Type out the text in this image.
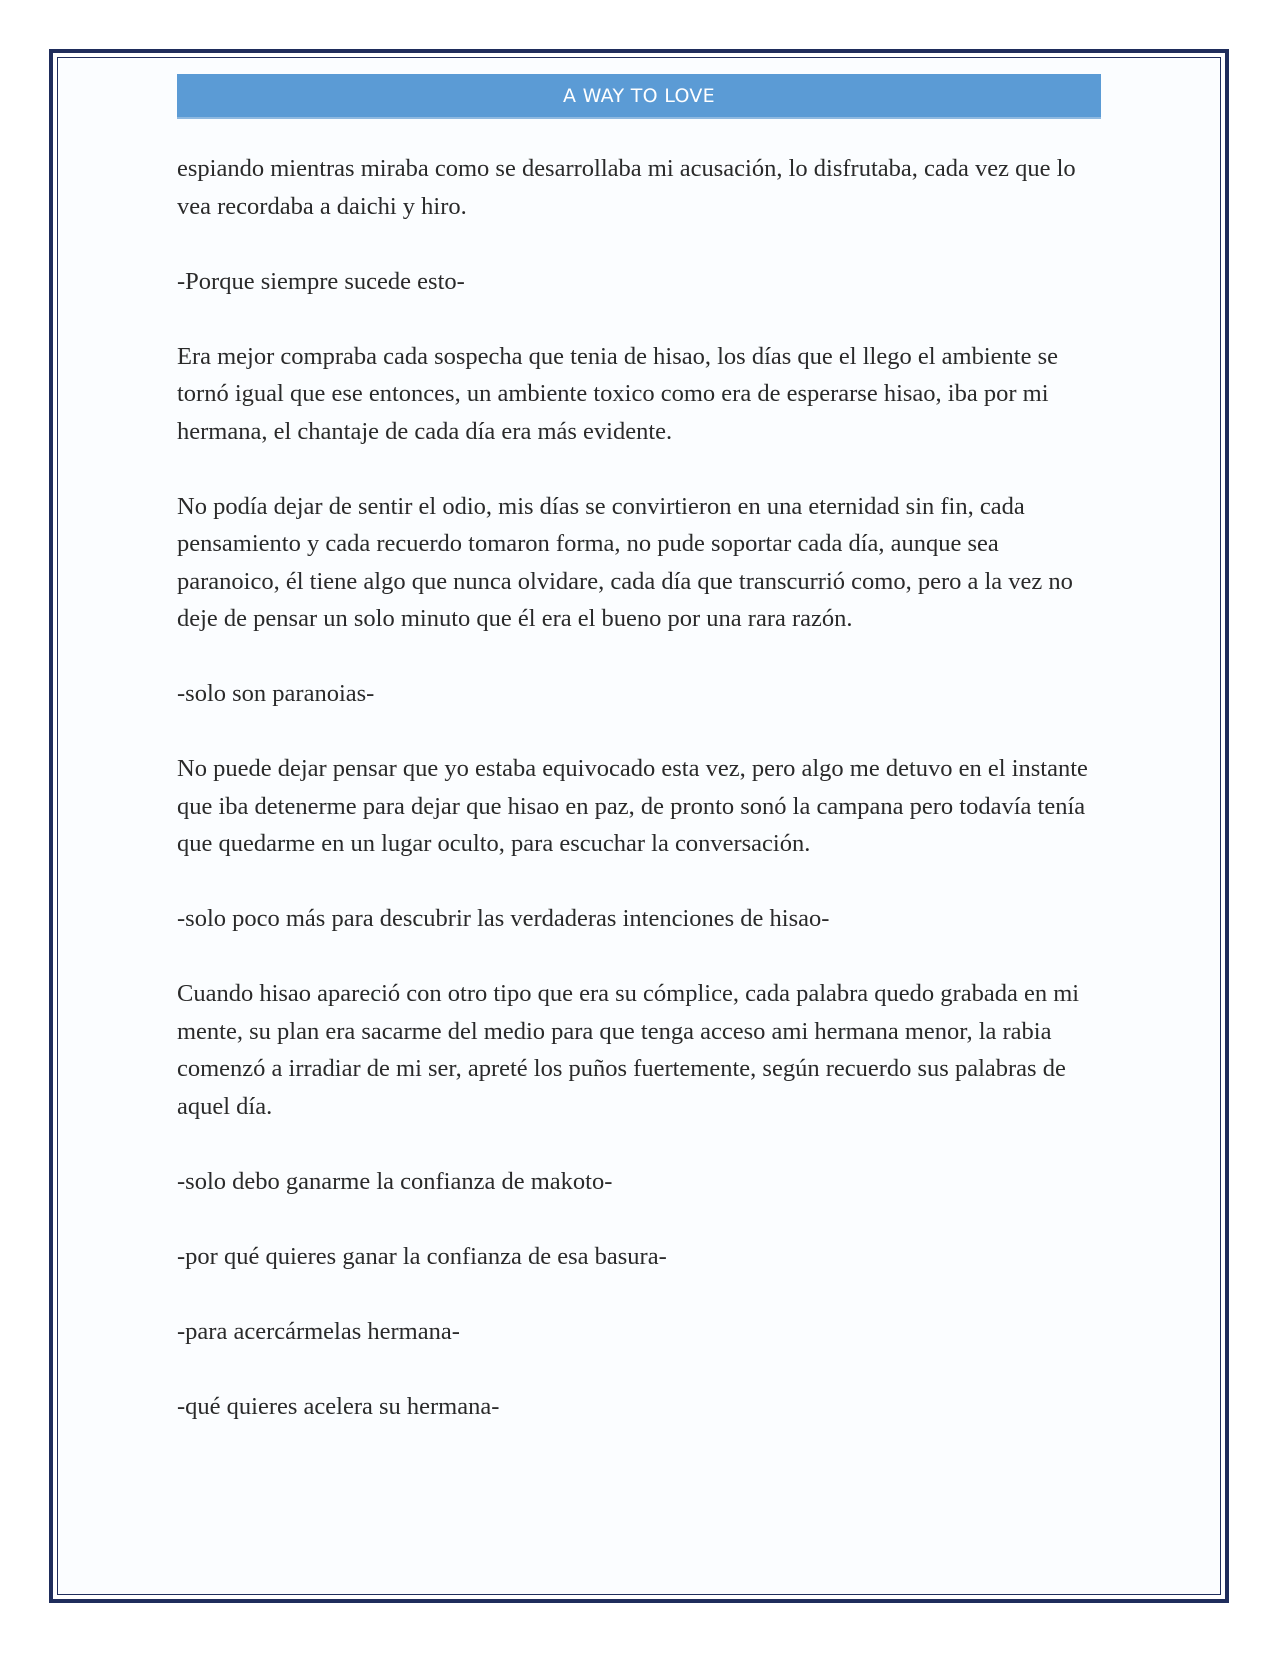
A WAY TO LOVE

espiando mientras miraba como se desarrollaba mi acusación, lo disfrutaba, cada vez que lo vea recordaba a daichi y hiro.

-Porque siempre sucede esto-

Era mejor compraba cada sospecha que tenia de hisao, los días que el llego el ambiente se tornó igual que ese entonces, un ambiente toxico como era de esperarse hisao, iba por mi hermana, el chantaje de cada día era más evidente.

No podía dejar de sentir el odio, mis días se convirtieron en una eternidad sin fin, cada pensamiento y cada recuerdo tomaron forma, no pude soportar cada día, aunque sea paranoico, él tiene algo que nunca olvidare, cada día que transcurrió como, pero a la vez no deje de pensar un solo minuto que él era el bueno por una rara razón.

-solo son paranoias-

No puede dejar pensar que yo estaba equivocado esta vez, pero algo me detuvo en el instante que iba detenerme para dejar que hisao en paz, de pronto sonó la campana pero todavía tenía que quedarme en un lugar oculto, para escuchar la conversación.

-solo poco más para descubrir las verdaderas intenciones de hisao-

Cuando hisao apareció con otro tipo que era su cómplice, cada palabra quedo grabada en mi mente, su plan era sacarme del medio para que tenga acceso ami hermana menor, la rabia comenzó a irradiar de mi ser, apreté los puños fuertemente, según recuerdo sus palabras de aquel día.

-solo debo ganarme la confianza de makoto-

-por qué quieres ganar la confianza de esa basura-

-para acercármelas hermana-

-qué quieres acelera su hermana-
